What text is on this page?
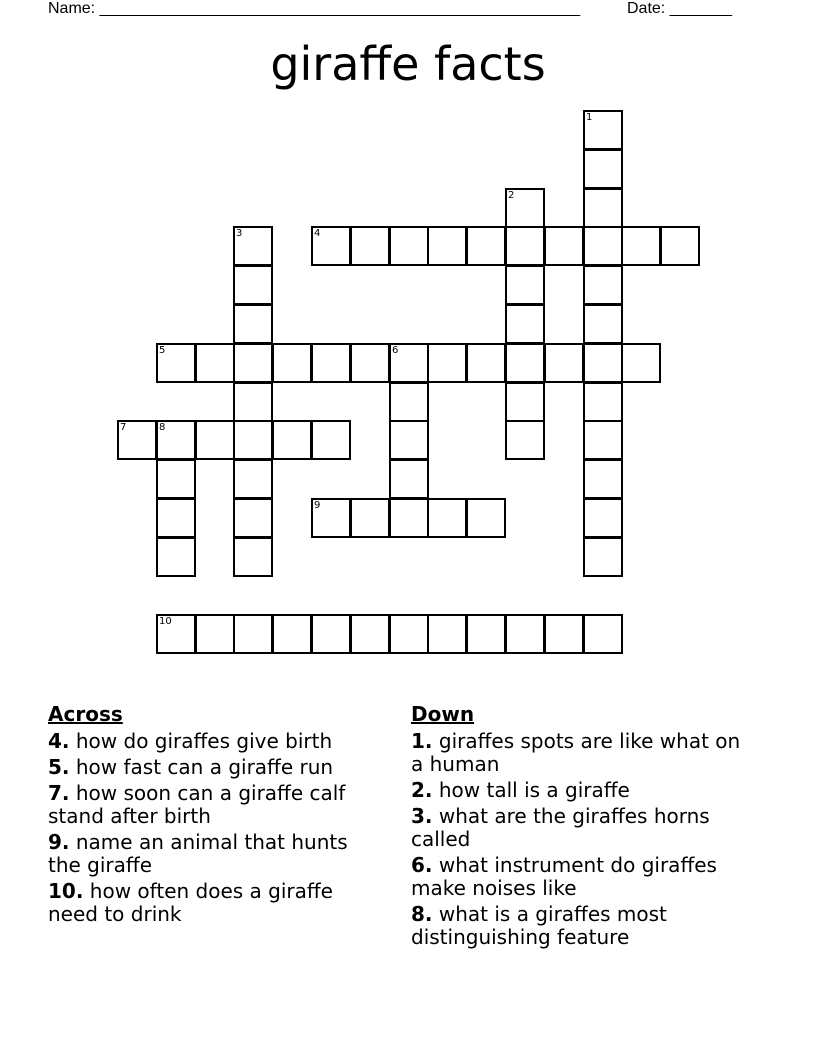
Name: ______________________________________________________	Date: _______
giraffe facts
1
2
3	4
5	6
7	8
9
10
Across
4. how do giraffes give birth
5. how fast can a giraffe run
7. how soon can a giraffe calf stand after birth
9. name an animal that hunts the giraffe
10. how often does a giraffe need to drink
Down
1. giraffes spots are like what on a human
2. how tall is a giraffe
3. what are the giraffes horns called
6. what instrument do giraffes make noises like
8. what is a giraffes most distinguishing feature
